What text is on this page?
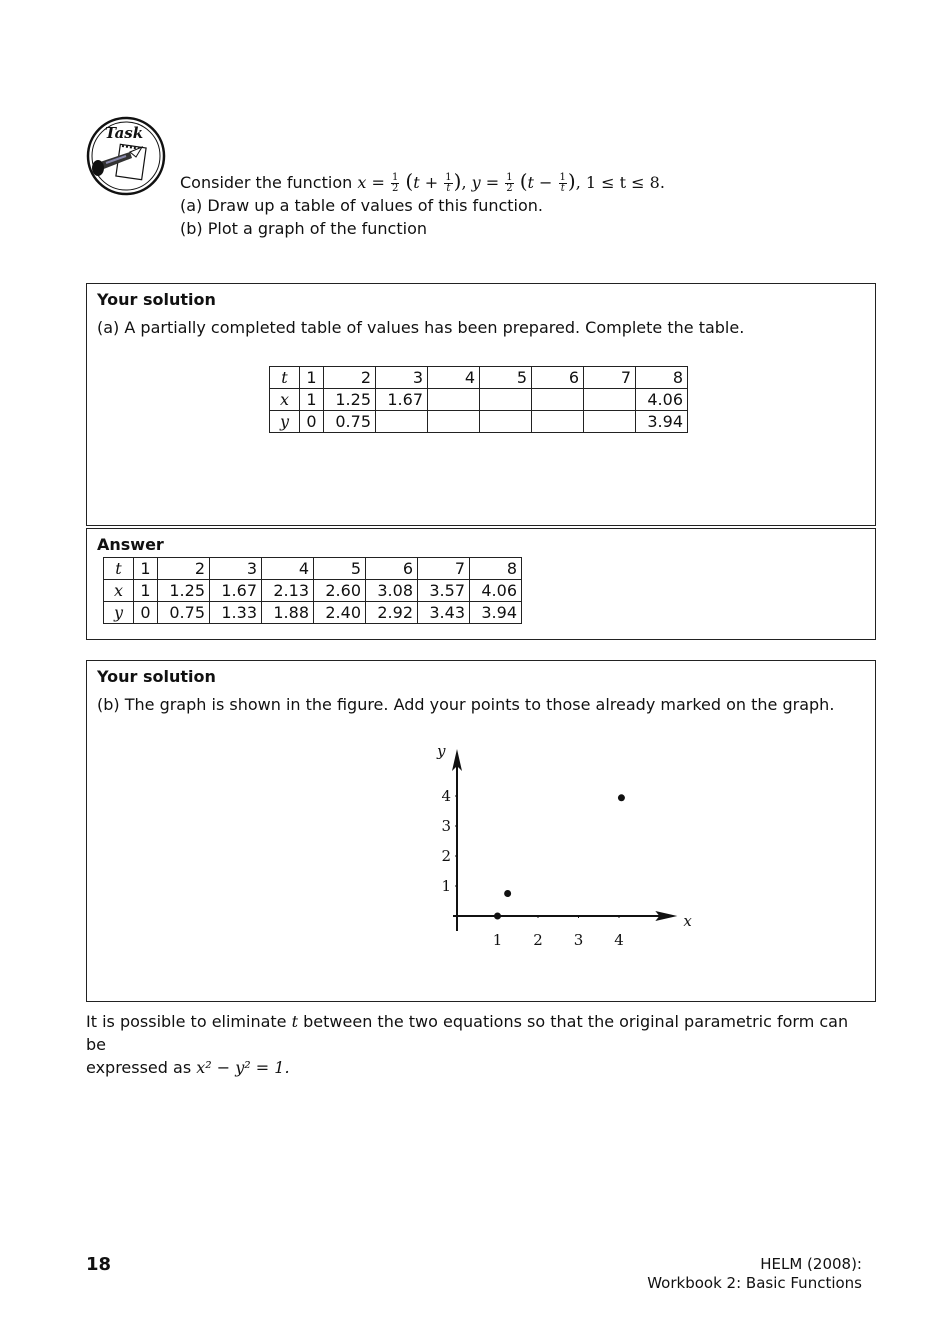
Task
Consider the function $x = \frac{1}{2} (t + \frac{1}{t}$ ), $y = \frac{1}{2} (t - \frac{1}{t}$ ), 1 ≤ t ≤ 8.
(a) Draw up a table of values of this function.
(b) Plot a graph of the function
Your solution
(a) A partially completed table of values has been prepared. Complete the table.
t	1	2	3	4	5	6	7	8
x	1	1.25	1.67					4.06
y	0	0.75						3.94
Answer
t	1	2	3	4	5	6	7	8
x	1	1.25	1.67	2.13	2.60	3.08	3.57	4.06
y	0	0.75	1.33	1.88	2.40	2.92	3.43	3.94
Your solution
(b) The graph is shown in the figure. Add your points to those already marked on the graph.
x
y
1 2 3 4
1
2
3
4
It is possible to eliminate t between the two equations so that the original parametric form can be
expressed as x² − y² = 1.
18	HELM (2008):
Workbook 2: Basic Functions
